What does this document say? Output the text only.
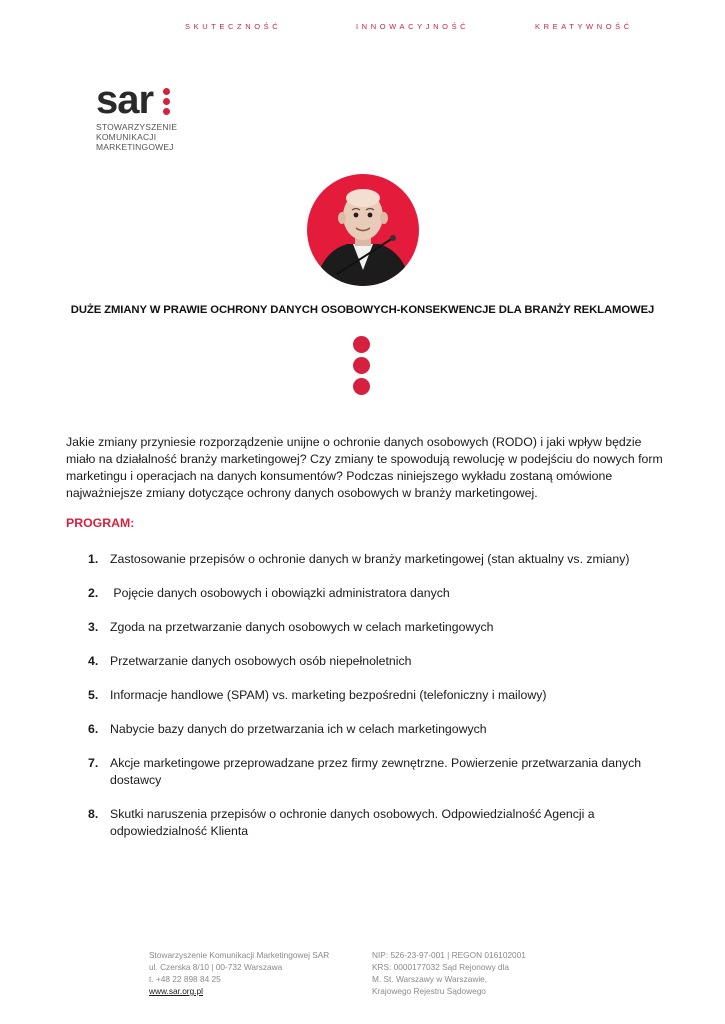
SKUTECZNOŚĆ	INNOWACYJNOŚĆ	KREATYWNOŚĆ
sar
STOWARZYSZENIE
KOMUNIKACJI
MARKETINGOWEJ
DUŻE ZMIANY W PRAWIE OCHRONY DANYCH OSOBOWYCH-KONSEKWENCJE DLA BRANŻY REKLAMOWEJ
Jakie zmiany przyniesie rozporządzenie unijne o ochronie danych osobowych (RODO) i jaki wpływ będzie miało na działalność branży marketingowej? Czy zmiany te spowodują rewolucję w podejściu do nowych form marketingu i operacjach na danych konsumentów? Podczas niniejszego wykładu zostaną omówione najważniejsze zmiany dotyczące ochrony danych osobowych w branży marketingowej.
PROGRAM:
1. Zastosowanie przepisów o ochronie danych w branży marketingowej (stan aktualny vs. zmiany)
2. Pojęcie danych osobowych i obowiązki administratora danych
3. Zgoda na przetwarzanie danych osobowych w celach marketingowych
4. Przetwarzanie danych osobowych osób niepełnoletnich
5. Informacje handlowe (SPAM) vs. marketing bezpośredni (telefoniczny i mailowy)
6. Nabycie bazy danych do przetwarzania ich w celach marketingowych
7. Akcje marketingowe przeprowadzane przez firmy zewnętrzne. Powierzenie przetwarzania danych dostawcy
8. Skutki naruszenia przepisów o ochronie danych osobowych. Odpowiedzialność Agencji a odpowiedzialność Klienta
Stowarzyszenie Komunikacji Marketingowej SAR
ul. Czerska 8/10 | 00-732 Warszawa
t. +48 22 898 84 25
www.sar.org.pl
NIP: 526-23-97-001 | REGON 016102001
KRS: 0000177032 Sąd Rejonowy dla
M. St. Warszawy w Warszawie,
Krajowego Rejestru Sądowego
